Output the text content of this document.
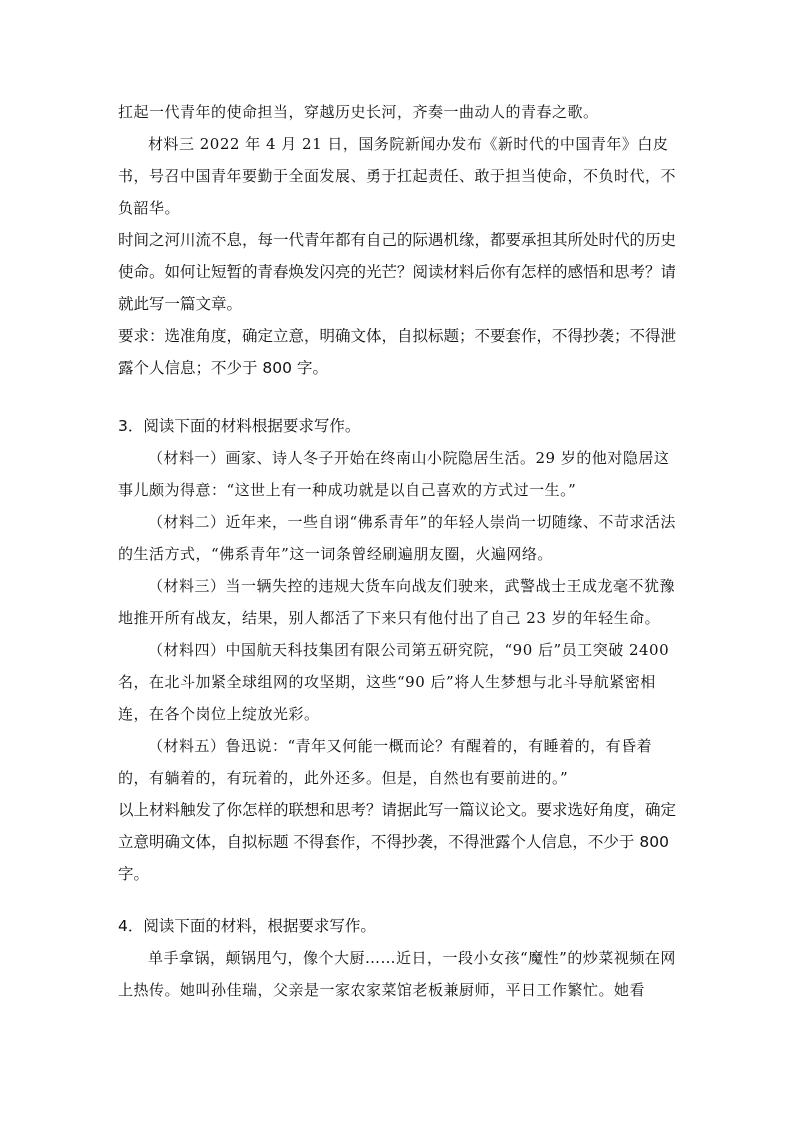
扛起一代青年的使命担当，穿越历史长河，齐奏一曲动人的青春之歌。

材料三 2022 年 4 月 21 日，国务院新闻办发布《新时代的中国青年》白皮书，号召中国青年要勤于全面发展、勇于扛起责任、敢于担当使命，不负时代，不负韶华。

时间之河川流不息，每一代青年都有自己的际遇机缘，都要承担其所处时代的历史使命。如何让短暂的青春焕发闪亮的光芒？阅读材料后你有怎样的感悟和思考？请就此写一篇文章。

要求：选准角度，确定立意，明确文体，自拟标题；不要套作，不得抄袭；不得泄露个人信息；不少于 800 字。

3．阅读下面的材料根据要求写作。

（材料一）画家、诗人冬子开始在终南山小院隐居生活。29 岁的他对隐居这事儿颇为得意：“这世上有一种成功就是以自己喜欢的方式过一生。”

（材料二）近年来，一些自诩“佛系青年”的年轻人崇尚一切随缘、不苛求活法的生活方式，“佛系青年”这一词条曾经刷遍朋友圈，火遍网络。

（材料三）当一辆失控的违规大货车向战友们驶来，武警战士王成龙毫不犹豫地推开所有战友，结果，别人都活了下来只有他付出了自己 23 岁的年轻生命。

（材料四）中国航天科技集团有限公司第五研究院，“90 后”员工突破 2400 名，在北斗加紧全球组网的攻坚期，这些“90 后”将人生梦想与北斗导航紧密相连，在各个岗位上绽放光彩。

（材料五）鲁迅说：“青年又何能一概而论？有醒着的，有睡着的，有昏着的，有躺着的，有玩着的，此外还多。但是，自然也有要前进的。”

以上材料触发了你怎样的联想和思考？请据此写一篇议论文。要求选好角度，确定立意明确文体，自拟标题 不得套作，不得抄袭，不得泄露个人信息，不少于 800字。

4．阅读下面的材料，根据要求写作。

单手拿锅，颠锅甩勺，像个大厨……近日，一段小女孩“魔性”的炒菜视频在网上热传。她叫孙佳瑞，父亲是一家农家菜馆老板兼厨师，平日工作繁忙。她看
